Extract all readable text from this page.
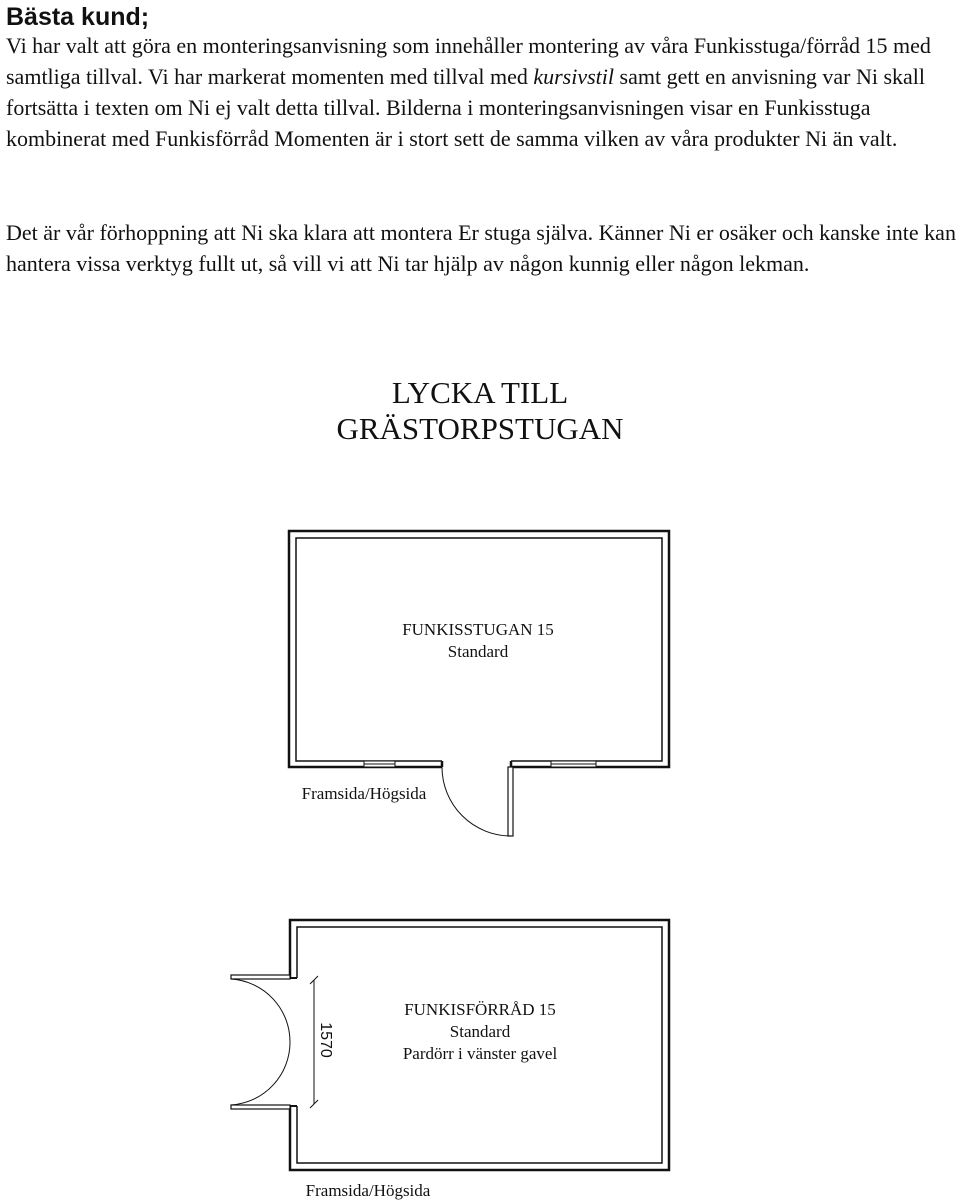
Bästa kund;

Vi har valt att göra en monteringsanvisning som innehåller montering av våra Funkisstuga/förråd 15 med samtliga tillval. Vi har markerat momenten med tillval med kursivstil samt gett en anvisning var Ni skall fortsätta i texten om Ni ej valt detta tillval. Bilderna i monteringsanvisningen visar en Funkisstuga kombinerat med Funkisförråd Momenten är i stort sett de samma vilken av våra produkter Ni än valt.

Det är vår förhoppning att Ni ska klara att montera Er stuga själva. Känner Ni er osäker och kanske inte kan hantera vissa verktyg fullt ut, så vill vi att Ni tar hjälp av någon kunnig eller någon lekman.

LYCKA TILL
GRÄSTORPSTUGAN
FUNKISSTUGAN 15
Standard
Framsida/Högsida
1570
FUNKISFÖRRÅD 15
Standard
Pardörr i vänster gavel
Framsida/Högsida
